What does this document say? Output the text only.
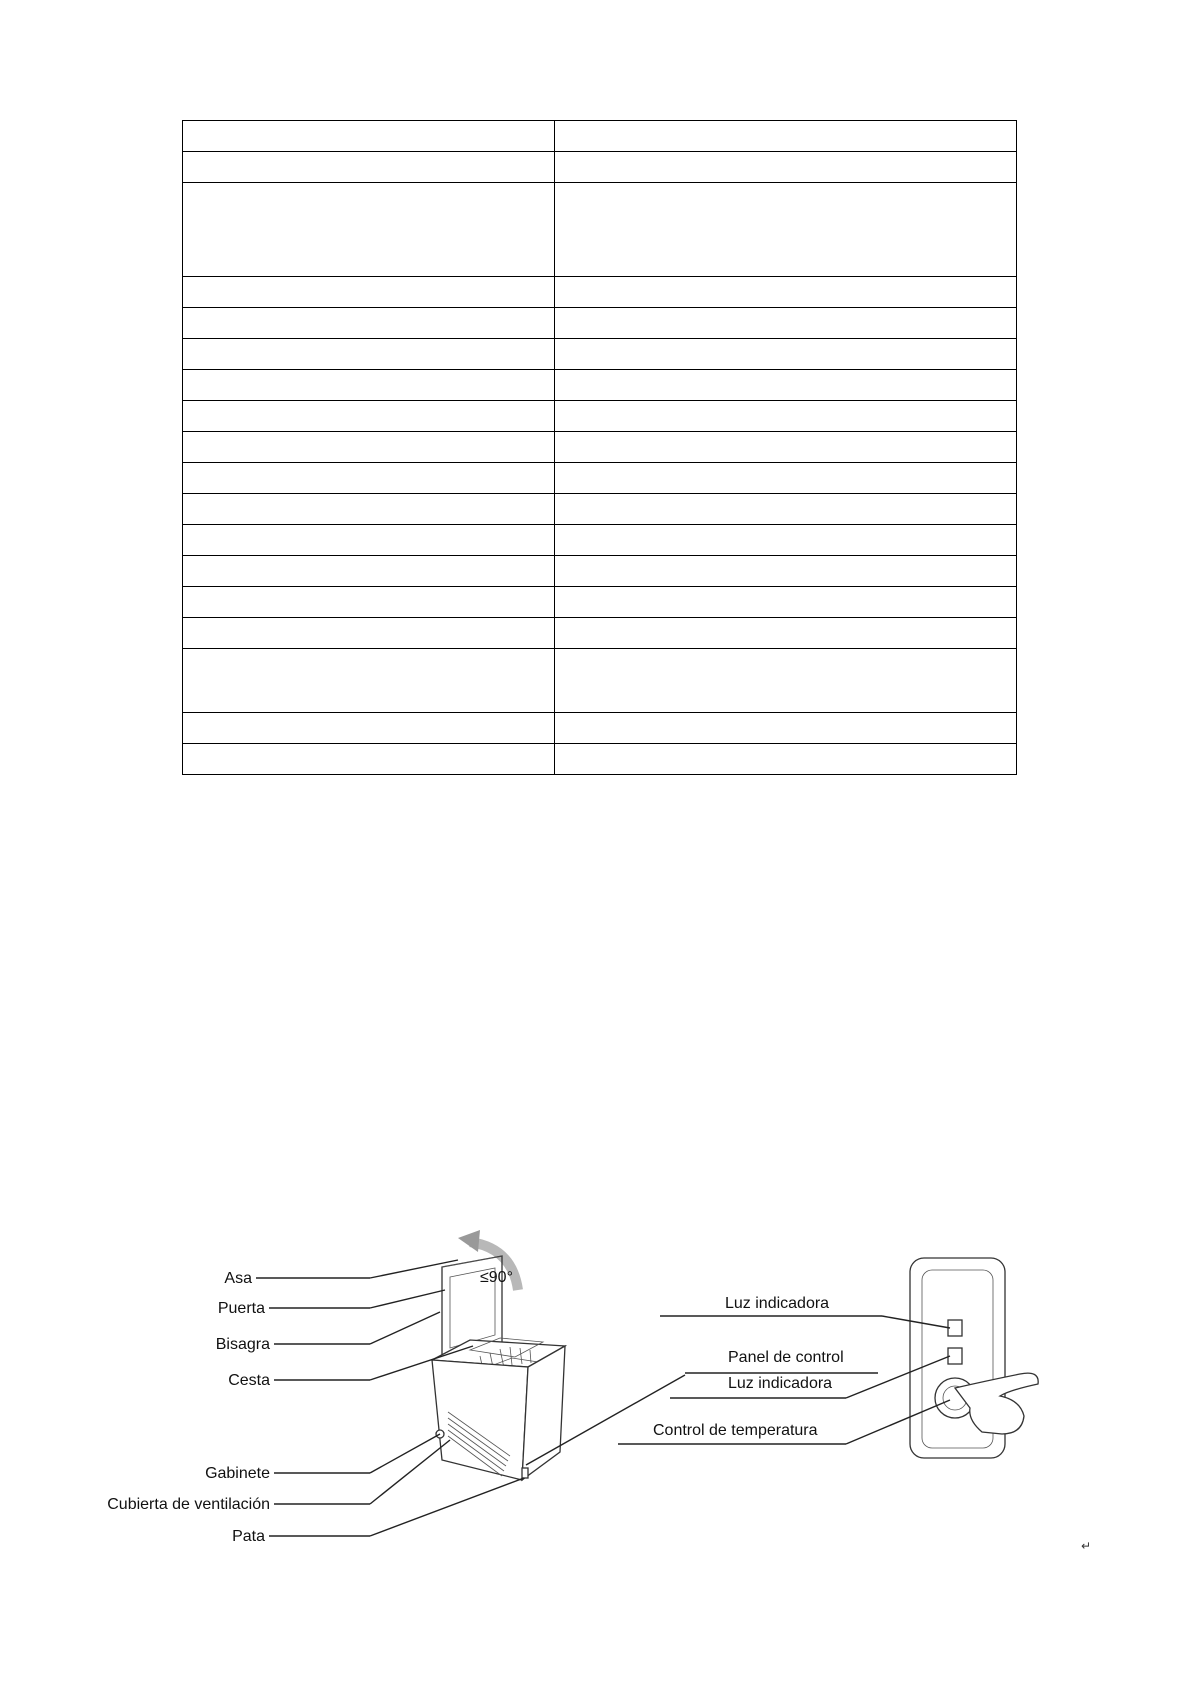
≤90°
Asa
Puerta
Bisagra
Cesta
Gabinete
Cubierta de ventilación
Pata
Luz indicadora
Panel de control
Luz indicadora
Control de temperatura
↵
